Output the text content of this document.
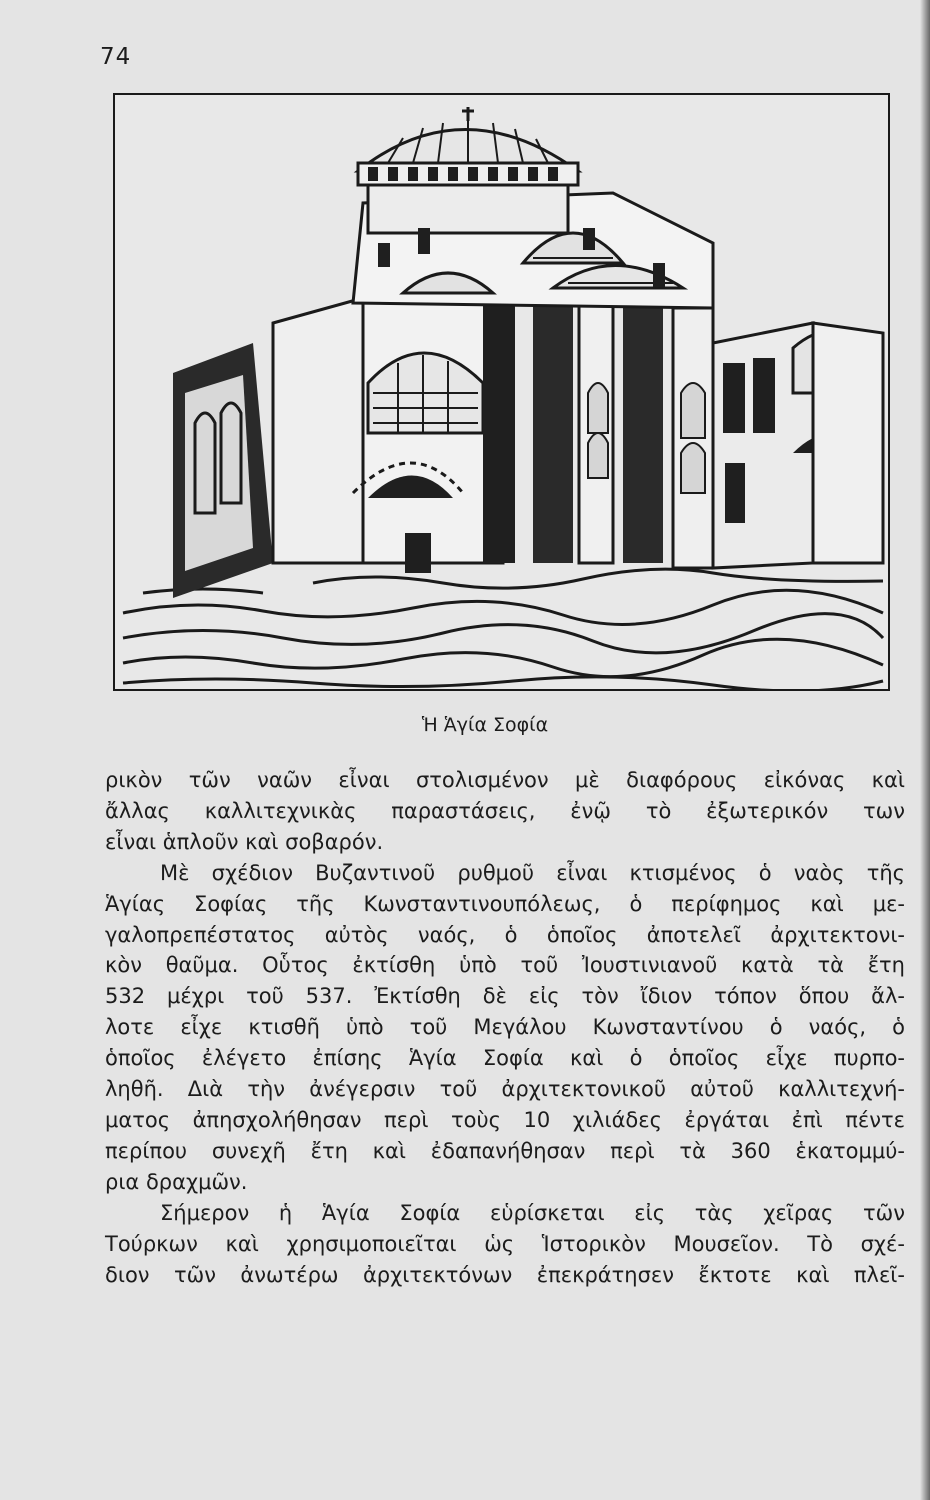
74
Ἡ Ἁγία Σοφία

ρικὸν τῶν ναῶν εἶναι στολισμένον μὲ διαφόρους εἰκόνας καὶ
ἄλλας καλλιτεχνικὰς παραστάσεις, ἐνῷ τὸ ἐξωτερικόν των
εἶναι ἁπλοῦν καὶ σοβαρόν.

Μὲ σχέδιον Βυζαντινοῦ ρυθμοῦ εἶναι κτισμένος ὁ ναὸς τῆς
Ἁγίας Σοφίας τῆς Κωνσταντινουπόλεως, ὁ περίφημος καὶ με-
γαλοπρεπέστατος αὐτὸς ναός, ὁ ὁποῖος ἀποτελεῖ ἀρχιτεκτονι-
κὸν θαῦμα. Οὗτος ἐκτίσθη ὑπὸ τοῦ Ἰουστινιανοῦ κατὰ τὰ ἔτη
532 μέχρι τοῦ 537. Ἐκτίσθη δὲ εἰς τὸν ἴδιον τόπον ὅπου ἄλ-
λοτε εἶχε κτισθῆ ὑπὸ τοῦ Μεγάλου Κωνσταντίνου ὁ ναός, ὁ
ὁποῖος ἐλέγετο ἐπίσης Ἁγία Σοφία καὶ ὁ ὁποῖος εἶχε πυρπο-
ληθῆ. Διὰ τὴν ἀνέγερσιν τοῦ ἀρχιτεκτονικοῦ αὐτοῦ καλλιτεχνή-
ματος ἀπησχολήθησαν περὶ τοὺς 10 χιλιάδες ἐργάται ἐπὶ πέντε
περίπου συνεχῆ ἔτη καὶ ἐδαπανήθησαν περὶ τὰ 360 ἑκατομμύ-
ρια δραχμῶν.

Σήμερον ἡ Ἁγία Σοφία εὑρίσκεται εἰς τὰς χεῖρας τῶν
Τούρκων καὶ χρησιμοποιεῖται ὡς Ἱστορικὸν Μουσεῖον. Τὸ σχέ-
διον τῶν ἀνωτέρω ἀρχιτεκτόνων ἐπεκράτησεν ἔκτοτε καὶ πλεῖ-
